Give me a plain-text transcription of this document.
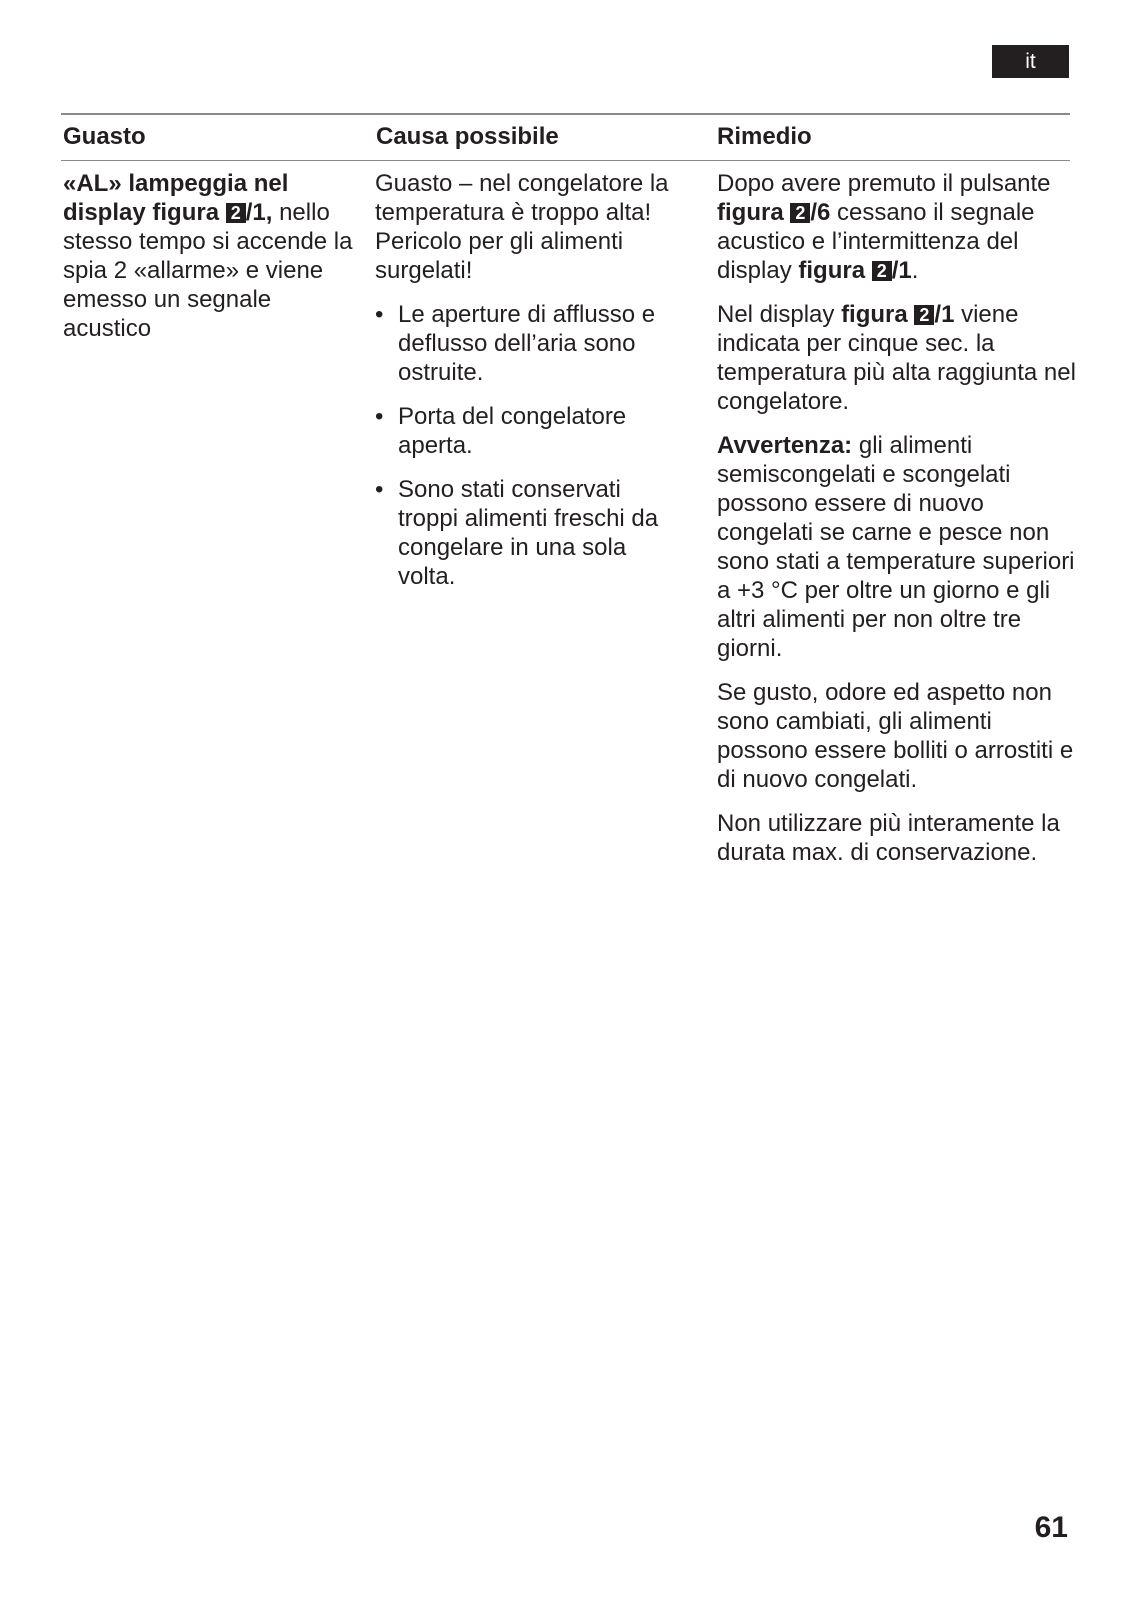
it
Guasto	Causa possibile	Rimedio

«AL» lampeggia nel display figura 2 /1, nello stesso tempo si accende la spia 2 «allarme» e viene emesso un segnale acustico

Guasto – nel congelatore la temperatura è troppo alta! Pericolo per gli alimenti surgelati!

• Le aperture di afflusso e deflusso dell’aria sono ostruite.
• Porta del congelatore aperta.
• Sono stati conservati troppi alimenti freschi da congelare in una sola volta.

Dopo avere premuto il pulsante figura 2 /6 cessano il segnale acustico e l’intermittenza del display figura 2 /1.

Nel display figura 2 /1 viene indicata per cinque sec. la temperatura più alta raggiunta nel congelatore.

Avvertenza: gli alimenti semiscongelati e scongelati possono essere di nuovo congelati se carne e pesce non sono stati a temperature superiori a +3 °C per oltre un giorno e gli altri alimenti per non oltre tre giorni.

Se gusto, odore ed aspetto non sono cambiati, gli alimenti possono essere bolliti o arrostiti e di nuovo congelati.

Non utilizzare più interamente la durata max. di conservazione.

61
